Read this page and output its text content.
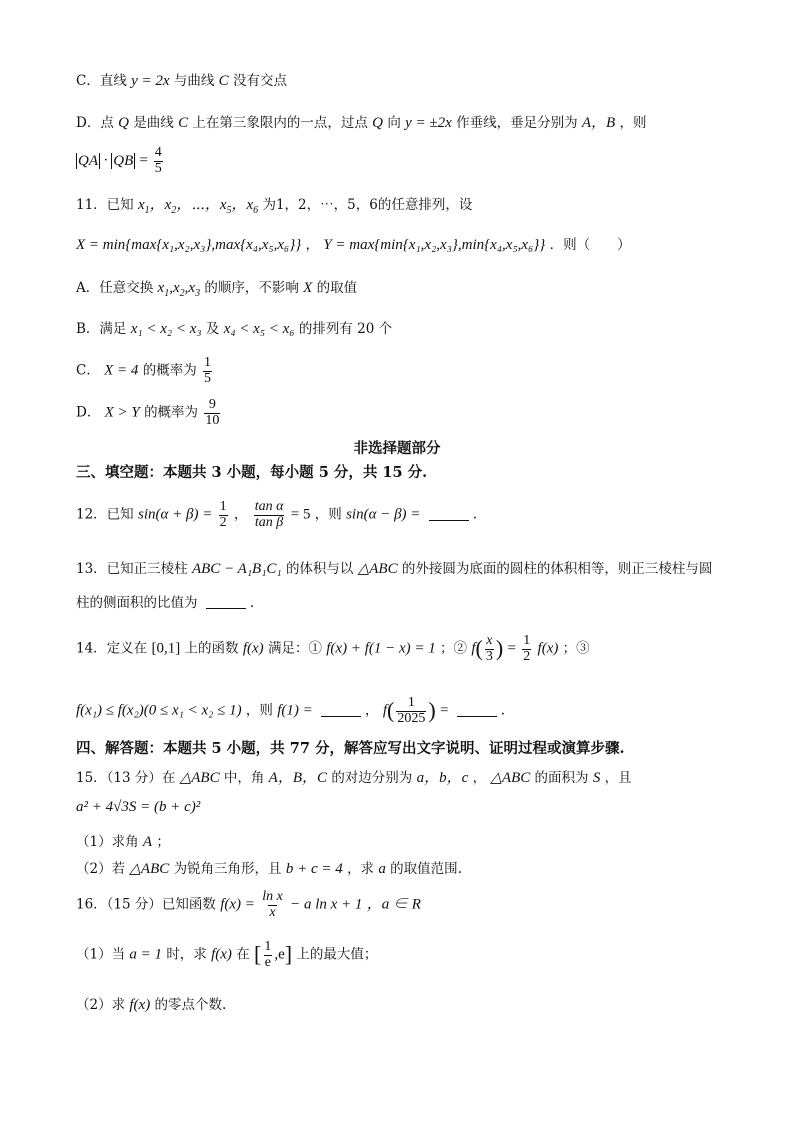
C．直线 y = 2x 与曲线 C 没有交点
D．点 Q 是曲线 C 上在第三象限内的一点，过点 Q 向 y = ±2x 作垂线，垂足分别为 A，B ，则
QA · QB = $\frac{4}{5}$
11．已知 $x_1$，$x_2$，⋯，$x_5$，$x_6$ 为1，2，⋯，5，6的任意排列，设
X = min{max{x₁,x₂,x₃},max{x₄,x₅,x₆}} ， Y = max{min{x₁,x₂,x₃},min{x₄,x₅,x₆}} ．则（　　）
A．任意交换 $x_1,x_2,x_3$ 的顺序，不影响 X 的取值
B．满足 x₁ < x₂ < x₃ 及 x₄ < x₅ < x₆ 的排列有 20 个
C． X = 4 的概率为 $\frac{1}{5}$
D． X > Y 的概率为 $\frac{9}{10}$
非选择题部分
三、填空题：本题共 3 小题，每小题 5 分，共 15 分.
12．已知 $\sin(\alpha + \beta) = \frac{1}{2}$ ， $\frac{\text{tan α}}{\text{tan β}} = 5$ ，则 sin(α − β) =	.
13．已知正三棱柱 ABC − A₁B₁C₁ 的体积与以 △ABC 的外接圆为底面的圆柱的体积相等，则正三棱柱与圆
柱的侧面积的比值为	.
14．定义在 [0,1] 上的函数 f(x) 满足：① f(x) + f(1 − x) = 1 ；② $f( \frac{x}{3}$ ) = $\frac{1}{2} f(x)$ ；③
f(x₁) ≤ f(x₂)(0 ≤ x₁ < x₂ ≤ 1) ，则 f(1) =	， $f( \frac{1}{2025}$ ) =	.
四、解答题：本题共 5 小题，共 77 分，解答应写出文字说明、证明过程或演算步骤.
15．（13 分）在 △ABC 中，角 A，B，C 的对边分别为 a，b，c ， △ABC 的面积为 S ，且
a² + 4√3S = (b + c)²
（1）求角 A ；
（2）若 △ABC 为锐角三角形，且 b + c = 4 ，求 a 的取值范围.
16．（15 分）已知函数 $f(x) = \frac{\text{ln x}}{x} - a$ ln x + 1 ，a ∈ R
（1）当 a = 1 时，求 f(x) 在 [ $\frac{1}{e} ,e$] 上的最大值；
（2）求 f(x) 的零点个数.
